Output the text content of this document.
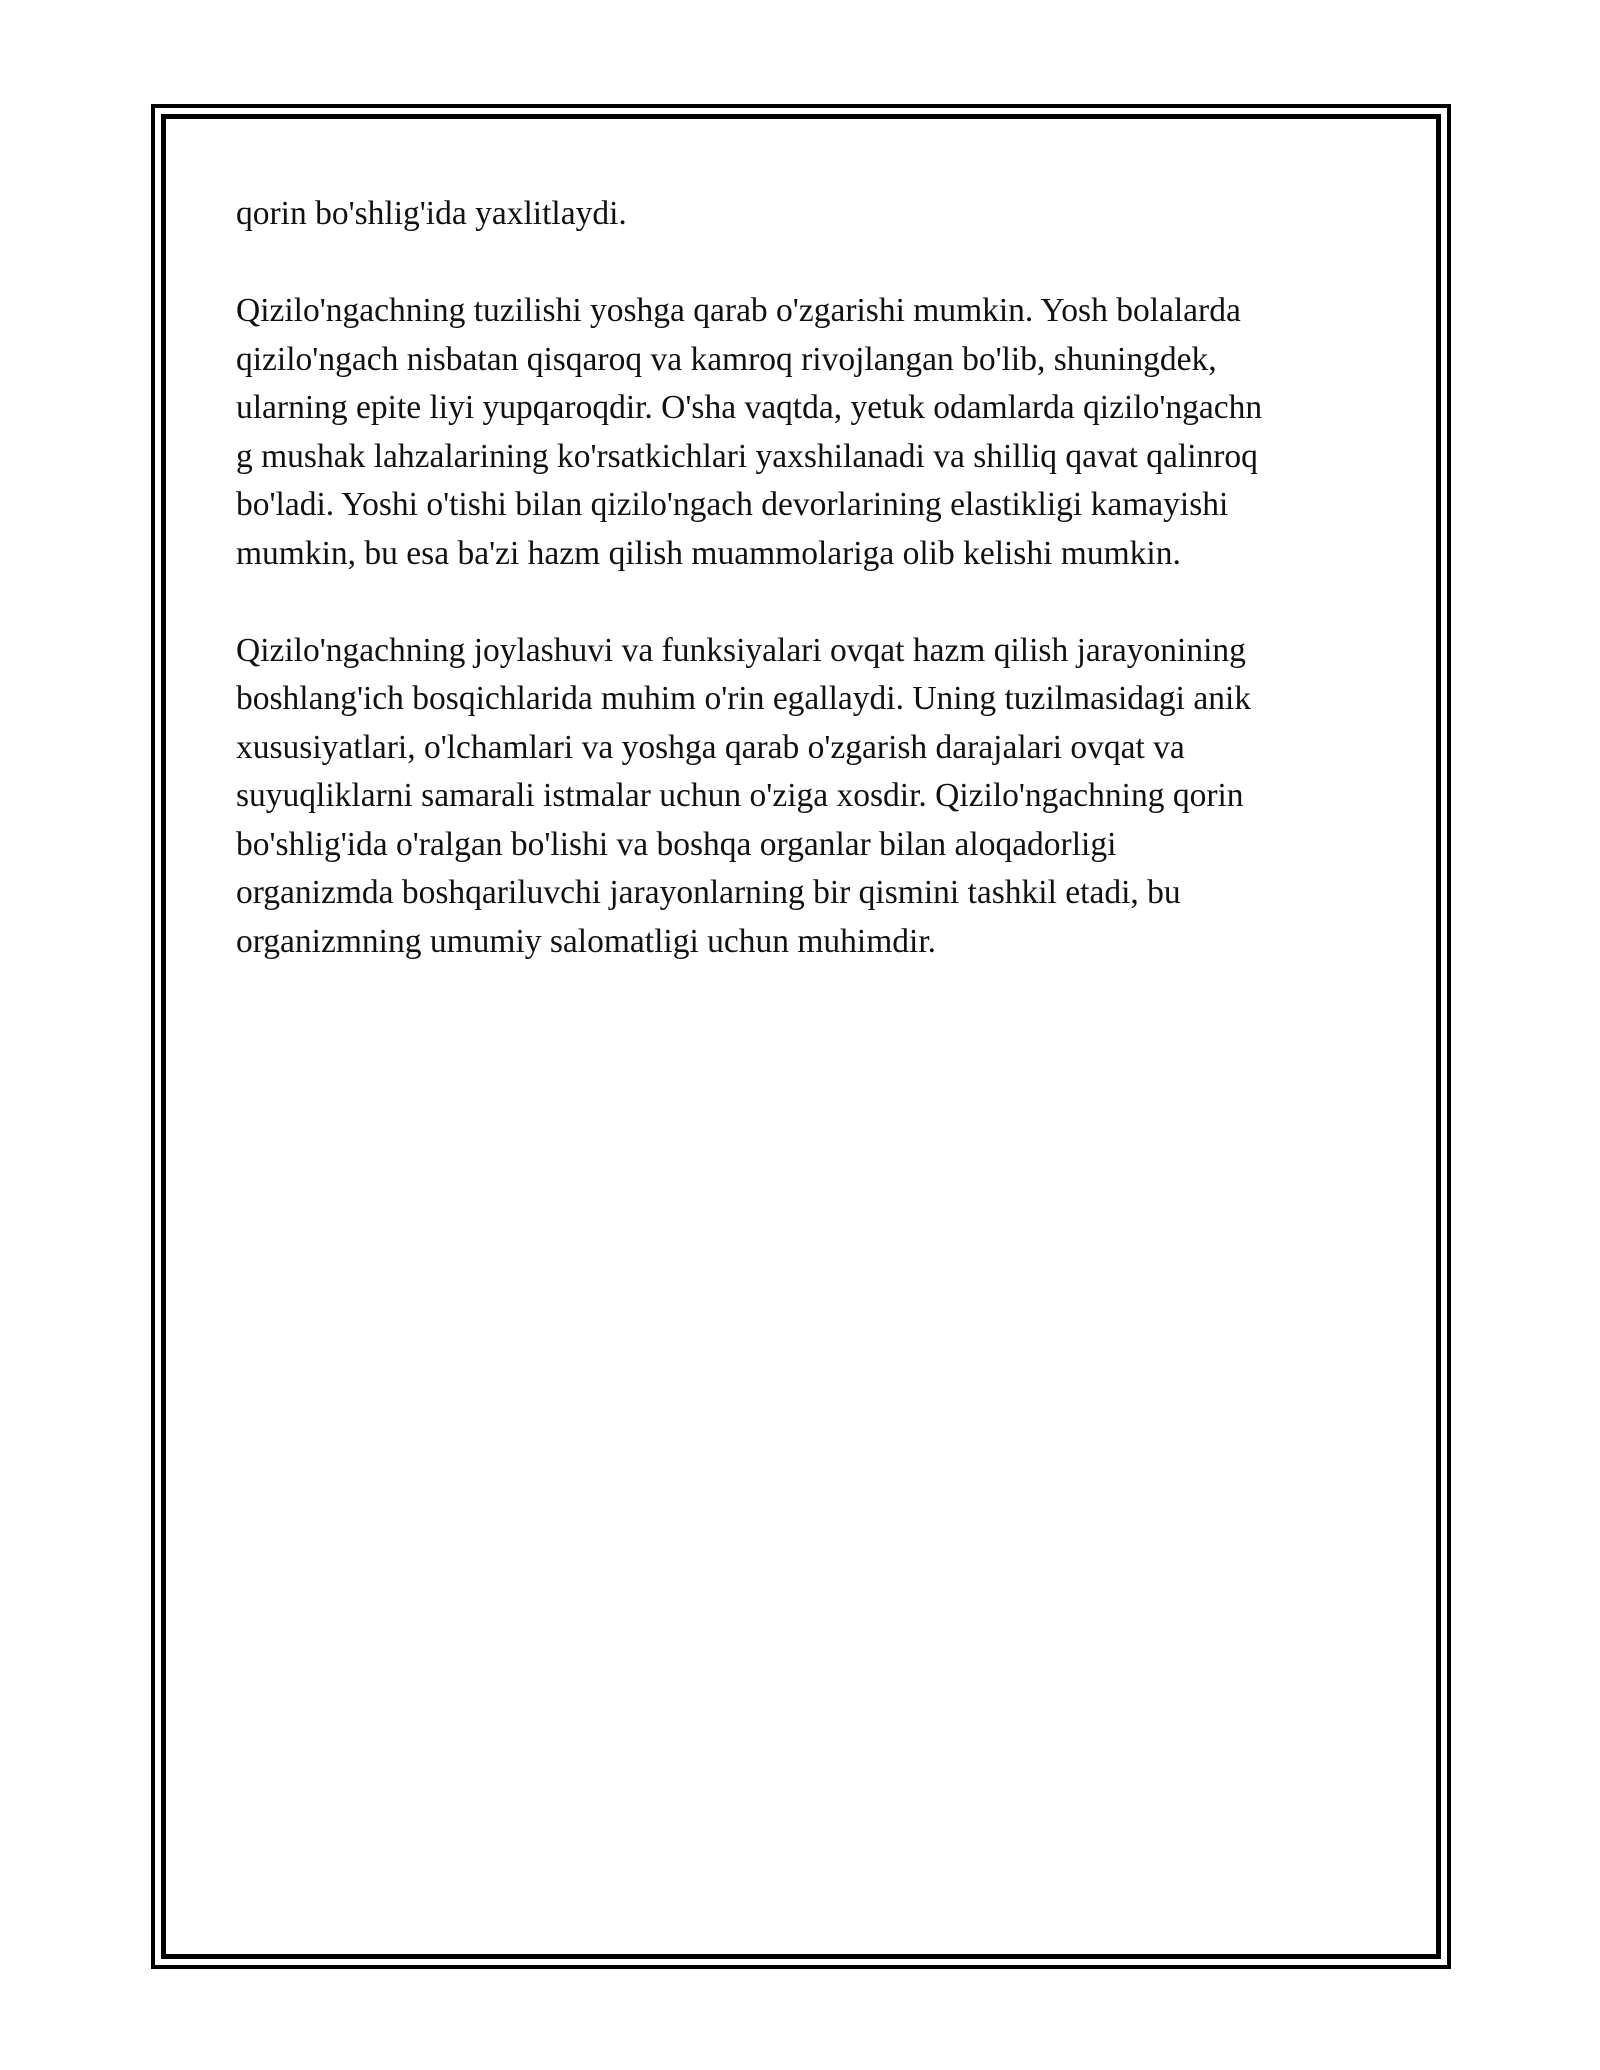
qorin bo'shlig'ida yaxlitlaydi.

Qizilo'ngachning tuzilishi yoshga qarab o'zgarishi mumkin. Yosh bolalarda
qizilo'ngach nisbatan qisqaroq va kamroq rivojlangan bo'lib, shuningdek,
ularning epite liyi yupqaroqdir. O'sha vaqtda, yetuk odamlarda qizilo'ngachn
g mushak lahzalarining ko'rsatkichlari yaxshilanadi va shilliq qavat qalinroq
bo'ladi. Yoshi o'tishi bilan qizilo'ngach devorlarining elastikligi kamayishi
mumkin, bu esa ba'zi hazm qilish muammolariga olib kelishi mumkin.

Qizilo'ngachning joylashuvi va funksiyalari ovqat hazm qilish jarayonining
boshlang'ich bosqichlarida muhim o'rin egallaydi. Uning tuzilmasidagi anik
xususiyatlari, o'lchamlari va yoshga qarab o'zgarish darajalari ovqat va
suyuqliklarni samarali istmalar uchun o'ziga xosdir. Qizilo'ngachning qorin
bo'shlig'ida o'ralgan bo'lishi va boshqa organlar bilan aloqadorligi
organizmda boshqariluvchi jarayonlarning bir qismini tashkil etadi, bu
organizmning umumiy salomatligi uchun muhimdir.
